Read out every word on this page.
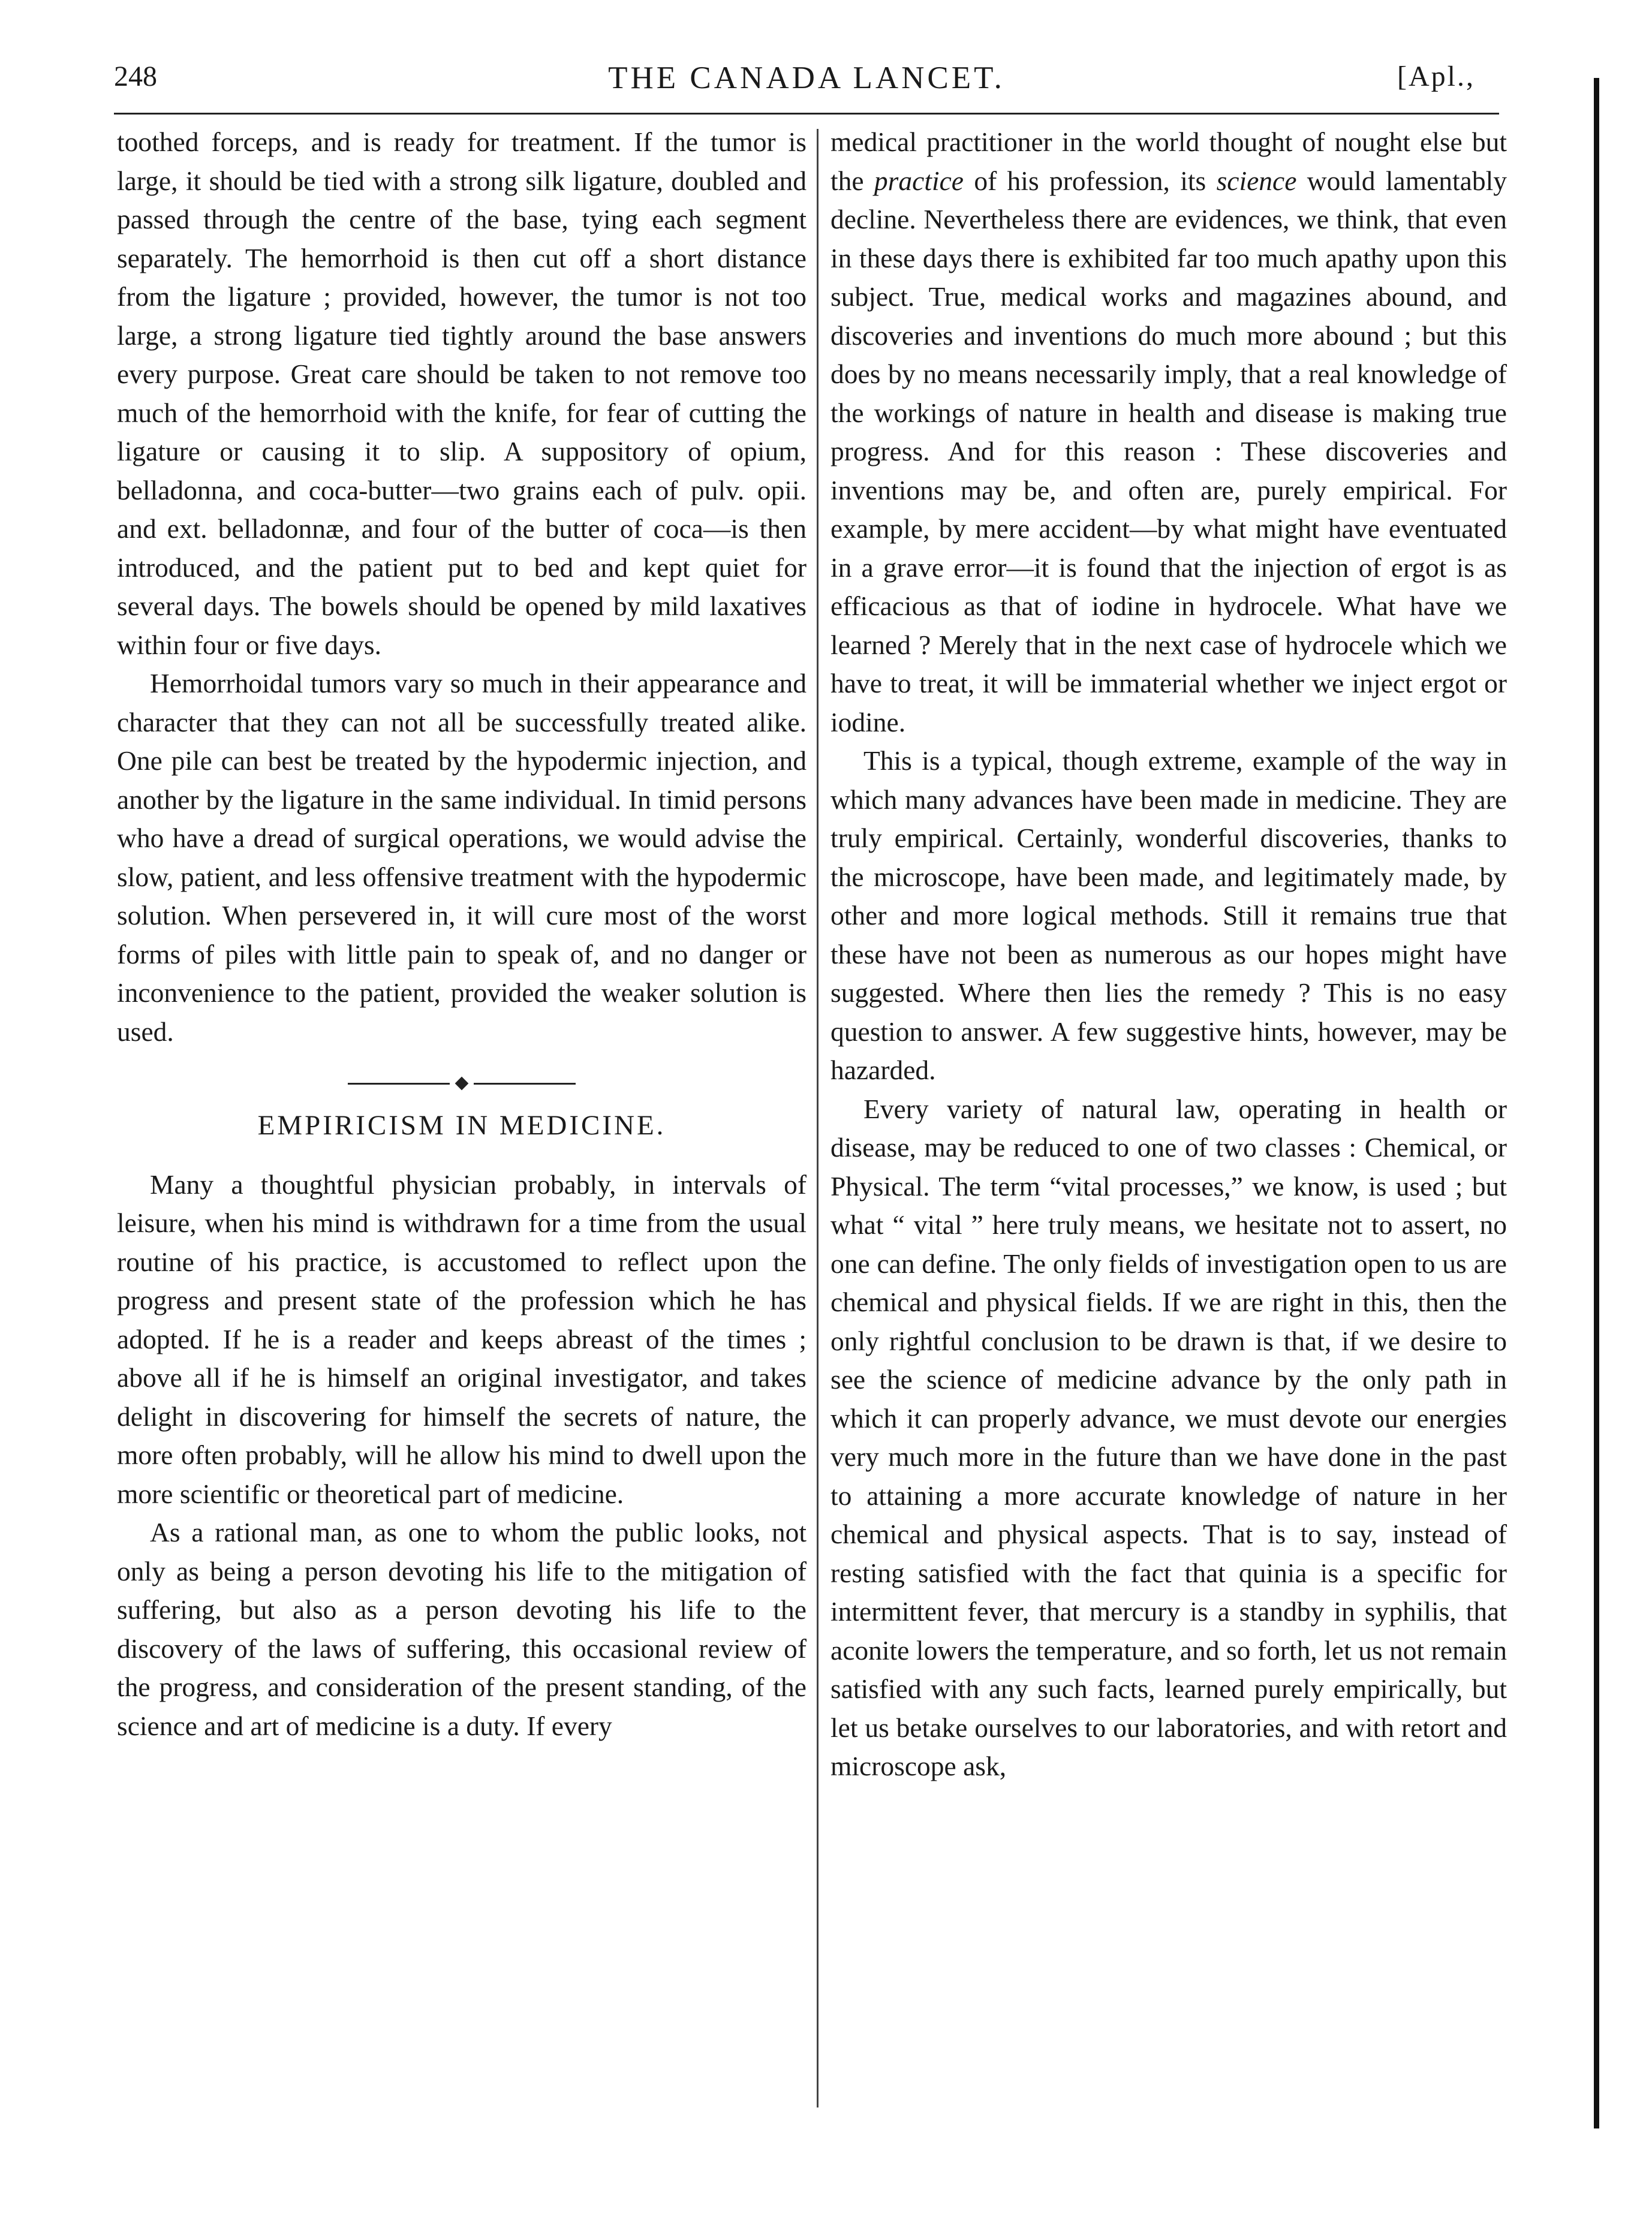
248	THE CANADA LANCET.	[Apl.,

toothed forceps, and is ready for treatment. If the tumor is large, it should be tied with a strong silk ligature, doubled and passed through the centre of the base, tying each segment separately. The hemorrhoid is then cut off a short distance from the ligature ; provided, however, the tumor is not too large, a strong ligature tied tightly around the base answers every purpose. Great care should be taken to not remove too much of the hemorrhoid with the knife, for fear of cutting the ligature or causing it to slip. A suppository of opium, belladonna, and coca-butter—two grains each of pulv. opii. and ext. belladonnæ, and four of the butter of coca—is then introduced, and the patient put to bed and kept quiet for several days. The bowels should be opened by mild laxatives within four or five days.

Hemorrhoidal tumors vary so much in their appearance and character that they can not all be successfully treated alike. One pile can best be treated by the hypodermic injection, and another by the ligature in the same individual. In timid persons who have a dread of surgical operations, we would advise the slow, patient, and less offensive treatment with the hypodermic solution. When persevered in, it will cure most of the worst forms of piles with little pain to speak of, and no danger or inconvenience to the patient, provided the weaker solution is used.

EMPIRICISM IN MEDICINE.

Many a thoughtful physician probably, in intervals of leisure, when his mind is withdrawn for a time from the usual routine of his practice, is accustomed to reflect upon the progress and present state of the profession which he has adopted. If he is a reader and keeps abreast of the times ; above all if he is himself an original investigator, and takes delight in discovering for himself the secrets of nature, the more often probably, will he allow his mind to dwell upon the more scientific or theoretical part of medicine.

As a rational man, as one to whom the public looks, not only as being a person devoting his life to the mitigation of suffering, but also as a person devoting his life to the discovery of the laws of suffering, this occasional review of the progress, and consideration of the present standing, of the science and art of medicine is a duty. If every

medical practitioner in the world thought of nought else but the practice of his profession, its science would lamentably decline. Nevertheless there are evidences, we think, that even in these days there is exhibited far too much apathy upon this subject. True, medical works and magazines abound, and discoveries and inventions do much more abound ; but this does by no means necessarily imply, that a real knowledge of the workings of nature in health and disease is making true progress. And for this reason : These discoveries and inventions may be, and often are, purely empirical. For example, by mere accident—by what might have eventuated in a grave error—it is found that the injection of ergot is as efficacious as that of iodine in hydrocele. What have we learned ? Merely that in the next case of hydrocele which we have to treat, it will be immaterial whether we inject ergot or iodine.

This is a typical, though extreme, example of the way in which many advances have been made in medicine. They are truly empirical. Certainly, wonderful discoveries, thanks to the microscope, have been made, and legitimately made, by other and more logical methods. Still it remains true that these have not been as numerous as our hopes might have suggested. Where then lies the remedy ? This is no easy question to answer. A few suggestive hints, however, may be hazarded.

Every variety of natural law, operating in health or disease, may be reduced to one of two classes : Chemical, or Physical. The term “vital processes,” we know, is used ; but what “ vital ” here truly means, we hesitate not to assert, no one can define. The only fields of investigation open to us are chemical and physical fields. If we are right in this, then the only rightful conclusion to be drawn is that, if we desire to see the science of medicine advance by the only path in which it can properly advance, we must devote our energies very much more in the future than we have done in the past to attaining a more accurate knowledge of nature in her chemical and physical aspects. That is to say, instead of resting satisfied with the fact that quinia is a specific for intermittent fever, that mercury is a standby in syphilis, that aconite lowers the temperature, and so forth, let us not remain satisfied with any such facts, learned purely empirically, but let us betake ourselves to our laboratories, and with retort and microscope ask,
